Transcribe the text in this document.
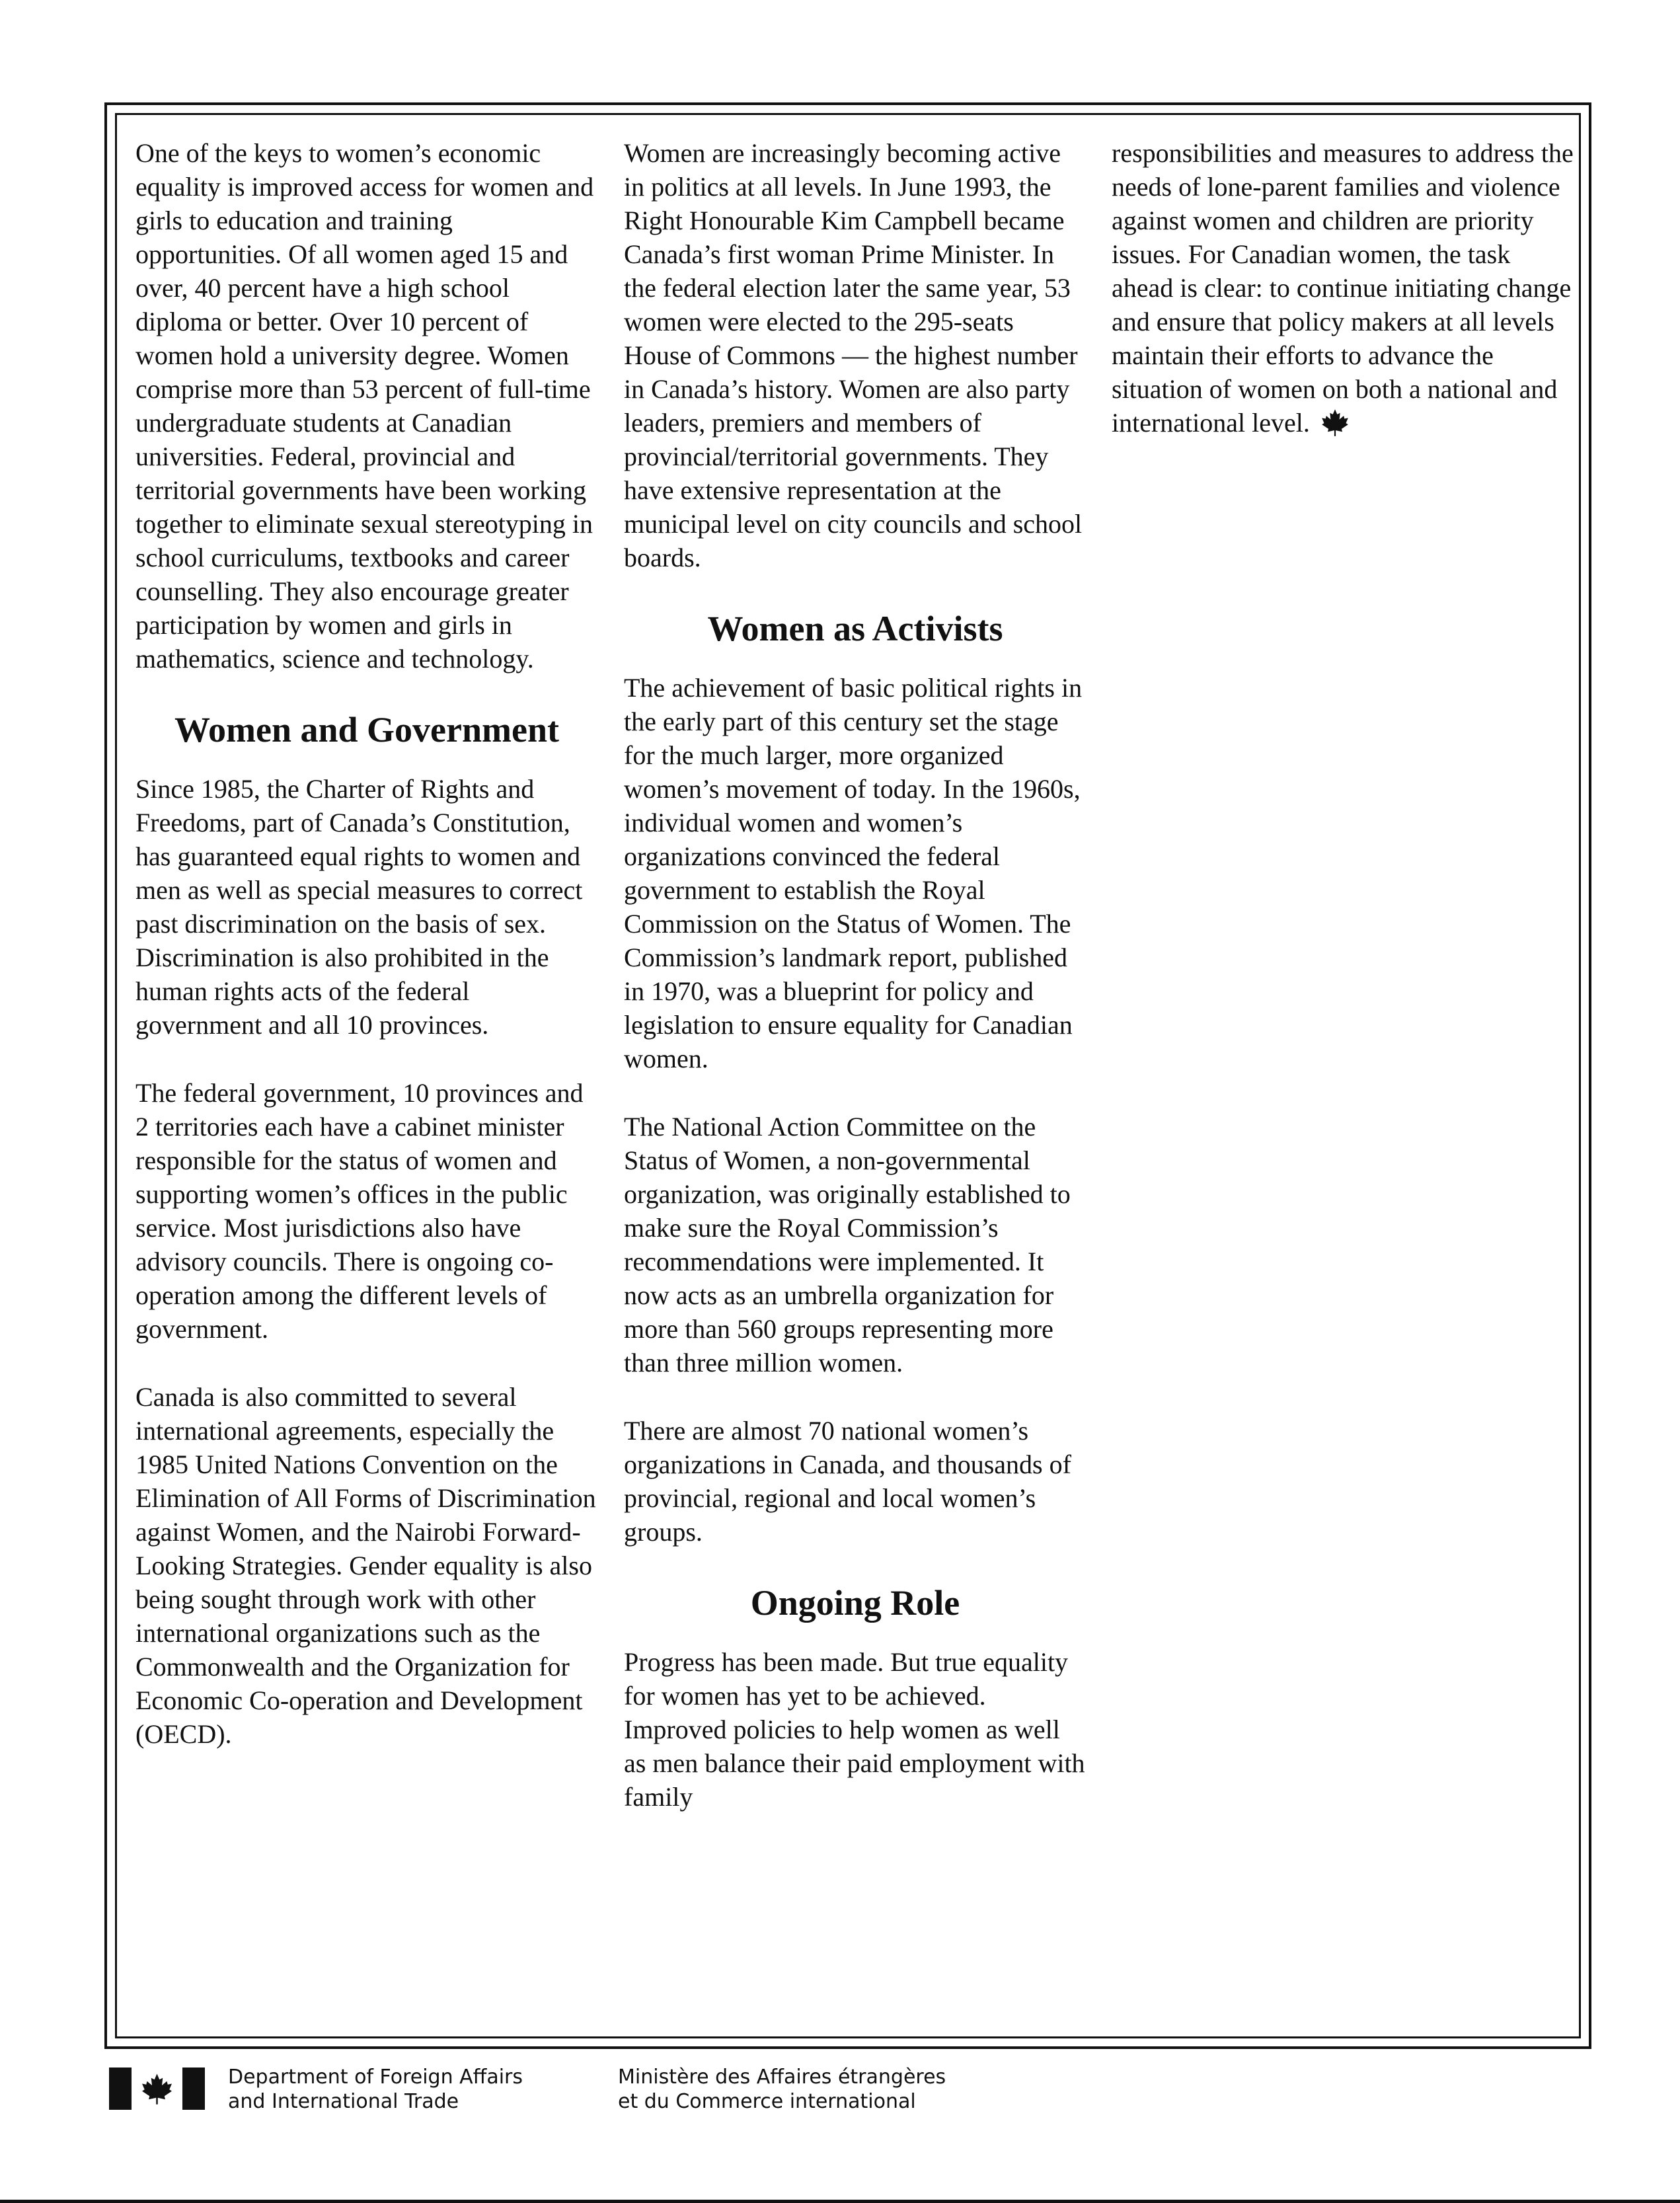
One of the keys to women’s economic equality is improved access for women and girls to education and training opportunities. Of all women aged 15 and over, 40 percent have a high school diploma or better. Over 10 percent of women hold a university degree. Women comprise more than 53 percent of full-time undergraduate students at Canadian universities. Federal, provincial and territorial governments have been working together to eliminate sexual stereotyping in school curriculums, textbooks and career counselling. They also encourage greater participation by women and girls in mathematics, science and technology.

Women and Government

Since 1985, the Charter of Rights and Freedoms, part of Canada’s Constitution, has guaranteed equal rights to women and men as well as special measures to correct past discrimination on the basis of sex. Discrimination is also prohibited in the human rights acts of the federal government and all 10 provinces.

The federal government, 10 provinces and 2 territories each have a cabinet minister responsible for the status of women and supporting women’s offices in the public service. Most jurisdictions also have advisory councils. There is ongoing co-operation among the different levels of government.

Canada is also committed to several international agreements, especially the 1985 United Nations Convention on the Elimination of All Forms of Discrimination against Women, and the Nairobi Forward-Looking Strategies. Gender equality is also being sought through work with other international organizations such as the Commonwealth and the Organization for Economic Co-operation and Development (OECD).

Women are increasingly becoming active in politics at all levels. In June 1993, the Right Honourable Kim Campbell became Canada’s first woman Prime Minister. In the federal election later the same year, 53 women were elected to the 295-seats House of Commons — the highest number in Canada’s history. Women are also party leaders, premiers and members of provincial/territorial governments. They have extensive representation at the municipal level on city councils and school boards.

Women as Activists

The achievement of basic political rights in the early part of this century set the stage for the much larger, more organized women’s movement of today. In the 1960s, individual women and women’s organizations convinced the federal government to establish the Royal Commission on the Status of Women. The Commission’s landmark report, published in 1970, was a blueprint for policy and legislation to ensure equality for Canadian women.

The National Action Committee on the Status of Women, a non-governmental organization, was originally established to make sure the Royal Commission’s recommendations were implemented. It now acts as an umbrella organization for more than 560 groups representing more than three million women.

There are almost 70 national women’s organizations in Canada, and thousands of provincial, regional and local women’s groups.

Ongoing Role

Progress has been made. But true equality for women has yet to be achieved. Improved policies to help women as well as men balance their paid employment with family

responsibilities and measures to address the needs of lone-parent families and violence against women and children are priority issues. For Canadian women, the task ahead is clear: to continue initiating change and ensure that policy makers at all levels maintain their efforts to advance the situation of women on both a national and international level.

Department of Foreign Affairs
and International Trade
Ministère des Affaires étrangères
et du Commerce international
